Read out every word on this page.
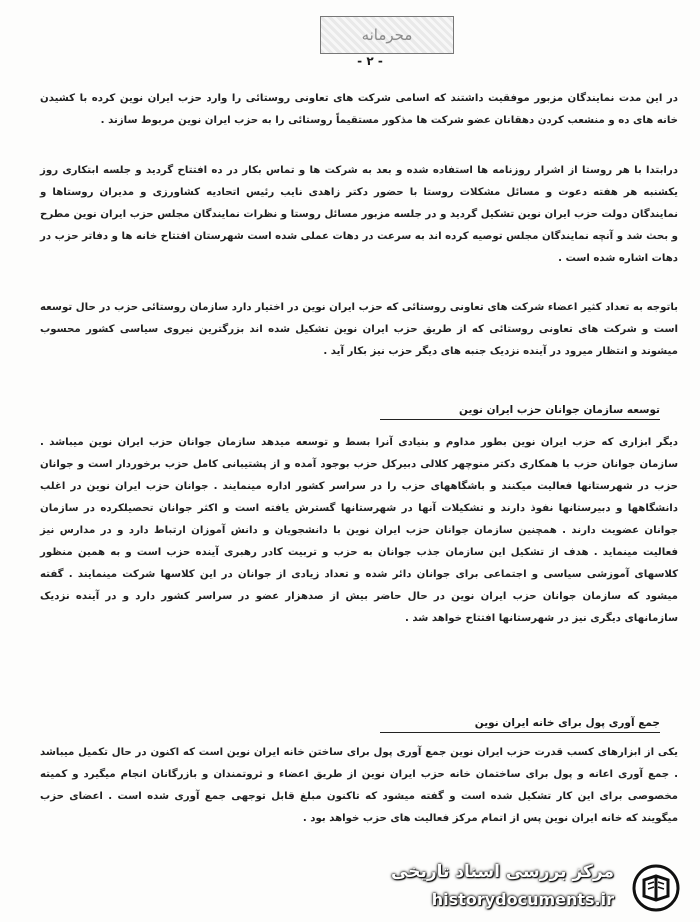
محرمانه
- ۲ -
در این مدت نمایندگان مزبور موفقیت داشتند که اسامی شرکت های تعاونی روستائی را وارد حزب ایران نوین کرده با کشیدن خانه های ده و منشعب کردن دهقانان عضو شرکت ها مذکور مستقیماً روستائی را به حزب ایران نوین مربوط سازند .
درابتدا با هر روستا از اشرار روزنامه ها استفاده شده و بعد به شرکت ها و تماس بکار در ده افتتاح گردید و جلسه ابتکاری روز یکشنبه هر هفته دعوت و مسائل مشکلات روستا با حضور دکتر زاهدی نایب رئیس اتحادیه کشاورزی و مدیران روستاها و نمایندگان دولت حزب ایران نوین تشکیل گردید و در جلسه مزبور مسائل روستا و نظرات نمایندگان مجلس حزب ایران نوین مطرح و بحث شد و آنچه نمایندگان مجلس توصیه کرده اند به سرعت در دهات عملی شده است شهرستان افتتاح خانه ها و دفاتر حزب در دهات اشاره شده است .
باتوجه به تعداد کثیر اعضاء شرکت های تعاونی روستائی که حزب ایران نوین در اختیار دارد سازمان روستائی حزب در حال توسعه است و شرکت های تعاونی روستائی که از طریق حزب ایران نوین تشکیل شده اند بزرگترین نیروی سیاسی کشور محسوب میشوند و انتظار میرود در آینده نزدیک جنبه های دیگر حزب نیز بکار آید .
توسعه سازمان جوانان حزب ایران نوین
دیگر ابزاری که حزب ایران نوین بطور مداوم و بنیادی آنرا بسط و توسعه میدهد سازمان جوانان حزب ایران نوین میباشد . سازمان جوانان حزب با همکاری دکتر منوچهر کلالی دبیرکل حزب بوجود آمده و از پشتیبانی کامل حزب برخوردار است و جوانان حزب در شهرستانها فعالیت میکنند و باشگاههای حزب را در سراسر کشور اداره مینمایند . جوانان حزب ایران نوین در اغلب دانشگاهها و دبیرستانها نفوذ دارند و تشکیلات آنها در شهرستانها گسترش یافته است و اکثر جوانان تحصیلکرده در سازمان جوانان عضویت دارند . همچنین سازمان جوانان حزب ایران نوین با دانشجویان و دانش آموزان ارتباط دارد و در مدارس نیز فعالیت مینماید . هدف از تشکیل این سازمان جذب جوانان به حزب و تربیت کادر رهبری آینده حزب است و به همین منظور کلاسهای آموزشی سیاسی و اجتماعی برای جوانان دائر شده و تعداد زیادی از جوانان در این کلاسها شرکت مینمایند . گفته میشود که سازمان جوانان حزب ایران نوین در حال حاضر بیش از صدهزار عضو در سراسر کشور دارد و در آینده نزدیک سازمانهای دیگری نیز در شهرستانها افتتاح خواهد شد .
جمع آوری پول برای خانه ایران نوین
یکی از ابزارهای کسب قدرت حزب ایران نوین جمع آوری پول برای ساختن خانه ایران نوین است که اکنون در حال تکمیل میباشد . جمع آوری اعانه و پول برای ساختمان خانه حزب ایران نوین از طریق اعضاء و ثروتمندان و بازرگانان انجام میگیرد و کمیته مخصوصی برای این کار تشکیل شده است و گفته میشود که تاکنون مبلغ قابل توجهی جمع آوری شده است . اعضای حزب میگویند که خانه ایران نوین پس از اتمام مرکز فعالیت های حزب خواهد بود .
مرکز بررسی اسناد تاریخی
historydocuments.ir
